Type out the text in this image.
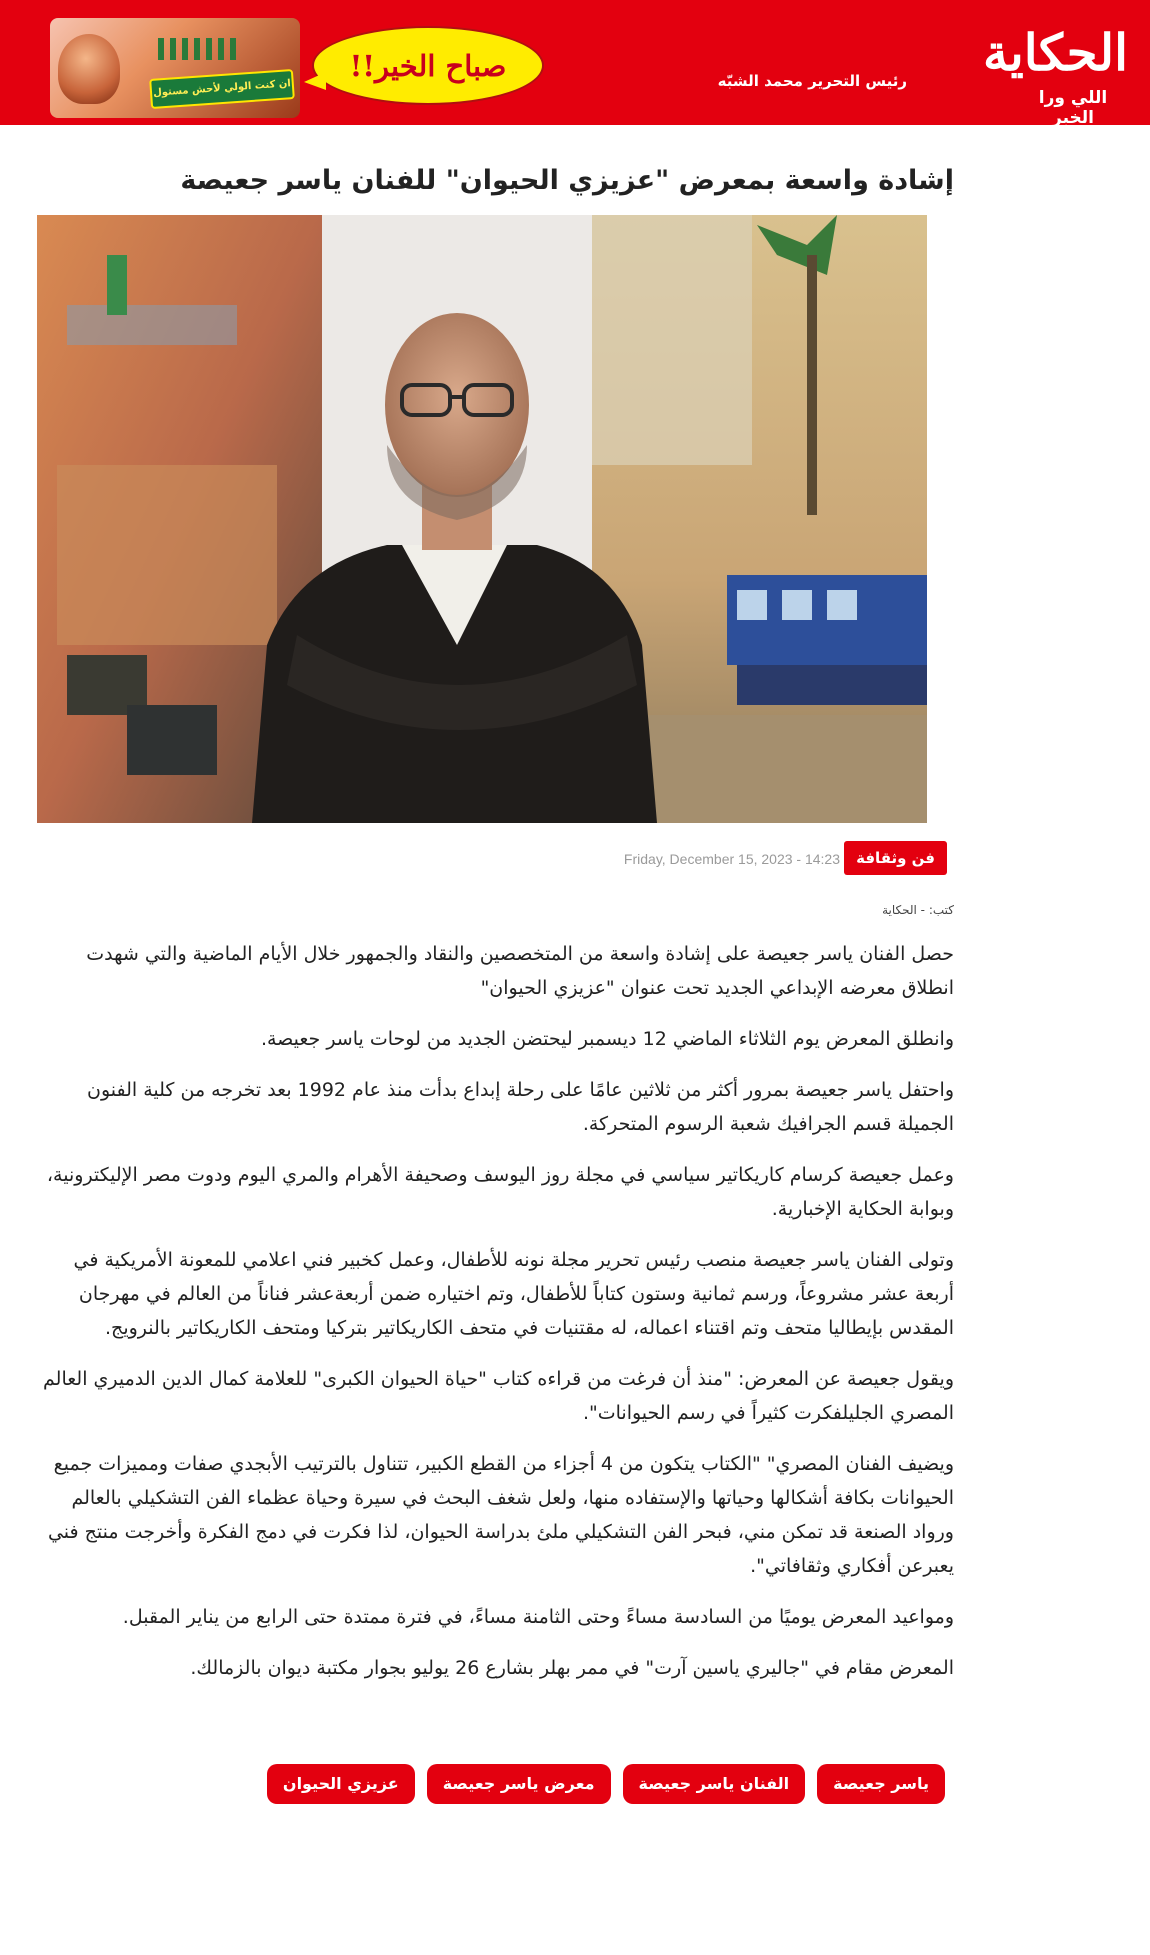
الحكاية
اللي ورا الخبر
رئيس التحرير محمد الشبّه
ان كنت الولي لأحش مستول
صباح الخير!!
إشادة واسعة بمعرض "عزيزي الحيوان" للفنان ياسر جعيصة
فن وثقافة
Friday, December 15, 2023 - 14:23
كتب: - الحكاية

حصل الفنان ياسر جعيصة على إشادة واسعة من المتخصصين والنقاد والجمهور خلال الأيام الماضية والتي شهدت انطلاق معرضه الإبداعي الجديد تحت عنوان "عزيزي الحيوان"

وانطلق المعرض يوم الثلاثاء الماضي 12 ديسمبر ليحتضن الجديد من لوحات ياسر جعيصة.

واحتفل ياسر جعيصة بمرور أكثر من ثلاثين عامًا على رحلة إبداع بدأت منذ عام 1992 بعد تخرجه من كلية الفنون الجميلة قسم الجرافيك شعبة الرسوم المتحركة.

وعمل جعيصة كرسام كاريكاتير سياسي في مجلة روز اليوسف وصحيفة الأهرام والمري اليوم ودوت مصر الإليكترونية، وبوابة الحكاية الإخبارية.

وتولى الفنان ياسر جعيصة منصب رئيس تحرير مجلة نونه للأطفال، وعمل كخبير فني اعلامي للمعونة الأمريكية في أربعة عشر مشروعاً، ورسم ثمانية وستون كتاباً للأطفال، وتم اختياره ضمن أربعةعشر فناناً من العالم في مهرجان المقدس بإيطاليا متحف وتم اقتناء اعماله، له مقتنيات في متحف الكاريكاتير بتركيا ومتحف الكاريكاتير بالنرويج.

ويقول جعيصة عن المعرض: "منذ أن فرغت من قراءه كتاب "حياة الحيوان الكبرى" للعلامة كمال الدين الدميري العالم المصري الجليلفكرت كثيراً في رسم الحيوانات".

ويضيف الفنان المصري" "الكتاب يتكون من 4 أجزاء من القطع الكبير، تتناول بالترتيب الأبجدي صفات ومميزات جميع الحيوانات بكافة أشكالها وحياتها والإستفاده منها، ولعل شغف البحث في سيرة وحياة عظماء الفن التشكيلي بالعالم ورواد الصنعة قد تمكن مني، فبحر الفن التشكيلي ملئ بدراسة الحيوان، لذا فكرت في دمج الفكرة وأخرجت منتج فني يعبرعن أفكاري وثقافاتي".

ومواعيد المعرض يوميًا من السادسة مساءً وحتى الثامنة مساءً، في فترة ممتدة حتى الرابع من يناير المقبل.

المعرض مقام في "جاليري ياسين آرت" في ممر بهلر بشارع 26 يوليو بجوار مكتبة ديوان بالزمالك.

ياسر جعيصة
الفنان ياسر جعيصة
معرض ياسر جعيصة
عزيزي الحيوان
